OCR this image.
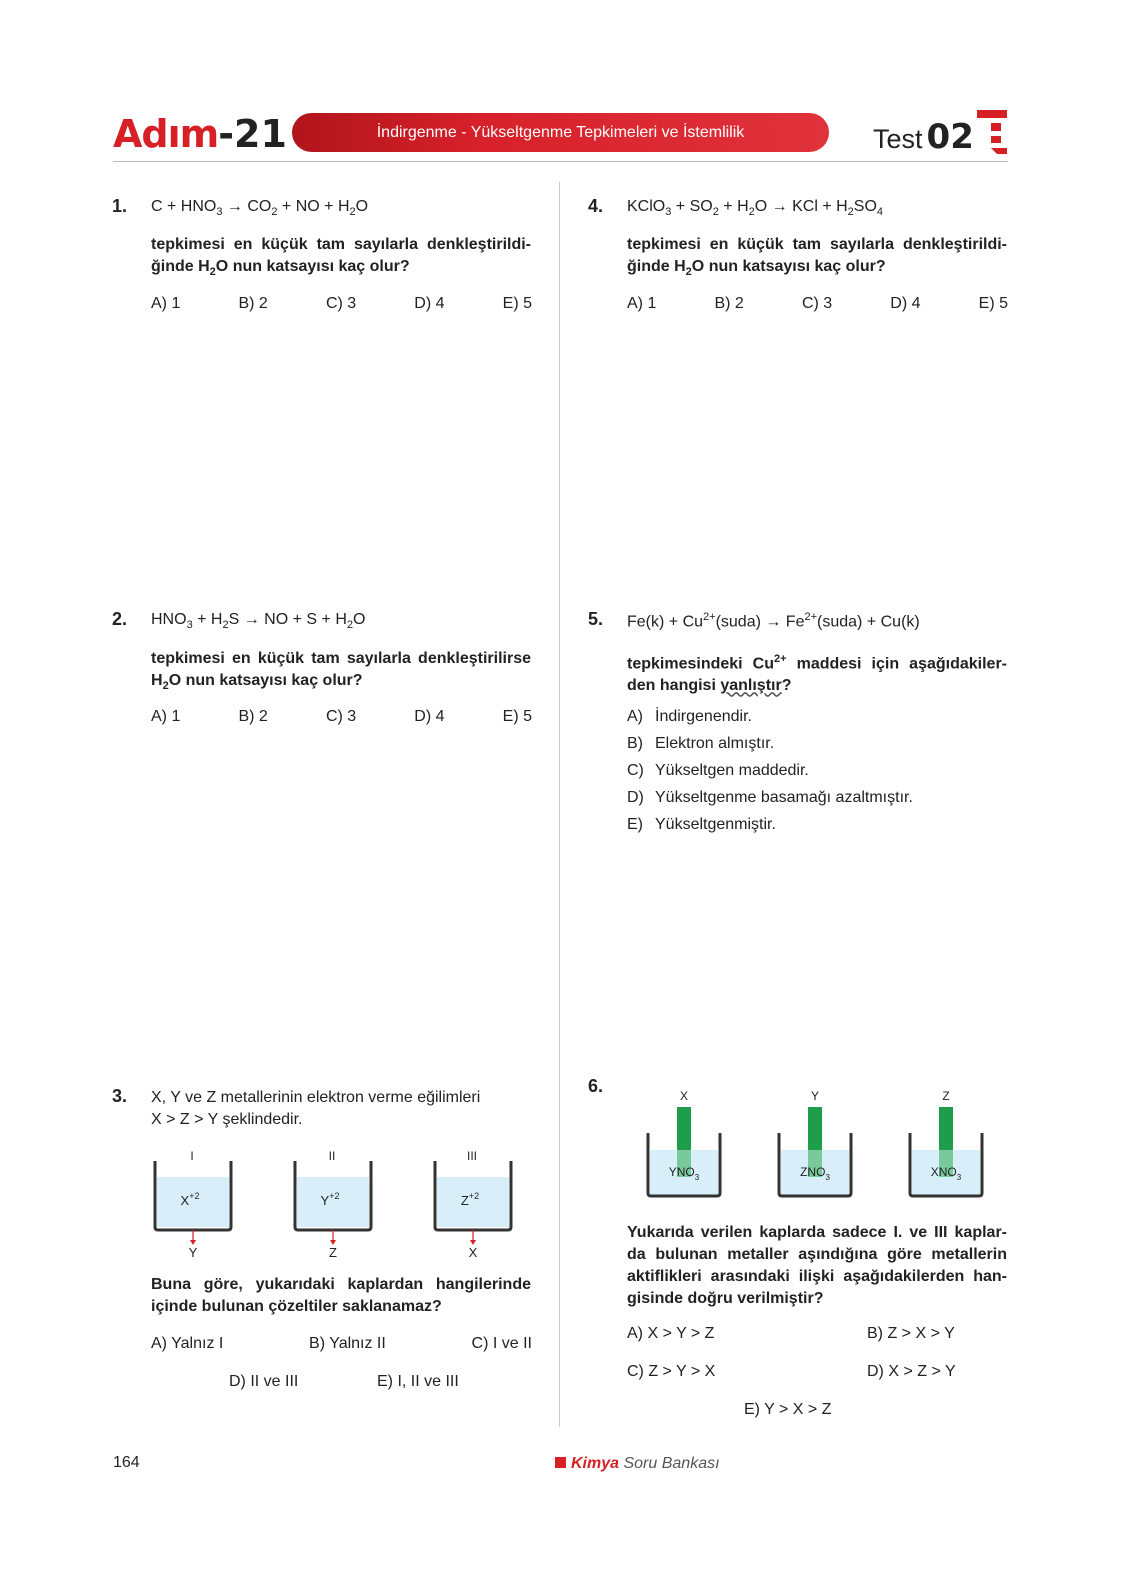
Adım-21	İndirgenme - Yükseltgenme Tepkimeleri ve İstemlilik	Test 02
1. $C + HNO_3 \to CO_2$ + NO + $H_2O$
tepkimesi en küçük tam sayılarla denkleştirildi-ğinde $H_2O$ nun katsayısı kaç olur?
A) 1	B) 2	C) 3	D) 4	E) 5
2. $HNO_3 + H_2S$ → NO + $S + H_2O$
tepkimesi en küçük tam sayılarla denkleştirilirse $H_2O$ nun katsayısı kaç olur?
A) 1	B) 2	C) 3	D) 4	E) 5
3. X, Y ve Z metallerinin elektron verme eğilimleri
X > Z > Y şeklindedir.
I
$X^{+2}$
Y
II
$Y^{+2}$
Z
III
$Z^{+2}$
X
Buna göre, yukarıdaki kaplardan hangilerinde içinde bulunan çözeltiler saklanamaz?
A) Yalnız I	B) Yalnız II	C) I ve II
D) II ve III	E) I, II ve III
4. KClO$_3$ + $SO_2 + H_2O$ → KCl + $H_2SO_4$
tepkimesi en küçük tam sayılarla denkleştirildi-ğinde $H_2O$ nun katsayısı kaç olur?
A) 1	B) 2	C) 3	D) 4	E) 5
5. $Fe(k) + Cu^{2+}(suda)$ → $Fe^{2+}(suda) + Cu(k)$
tepkimesindeki $Cu^{2+}$ maddesi için aşağıdakiler-den hangisi yanlıştır?
A) İndirgenendir.
B) Elektron almıştır.
C) Yükseltgen maddedir.
D) Yükseltgenme basamağı azaltmıştır.
E) Yükseltgenmiştir.
6.	X
$YNO_3$
Y
$ZNO_3$
Z
$XNO_3$
Yukarıda verilen kaplarda sadece I. ve III kaplar-da bulunan metaller aşındığına göre metallerin aktiflikleri arasındaki ilişki aşağıdakilerden han-gisinde doğru verilmiştir?
A) X > Y > Z	B) Z > X > Y
C) Z > Y > X	D) X > Z > Y
E) Y > X > Z
164	Kimya Soru Bankası
